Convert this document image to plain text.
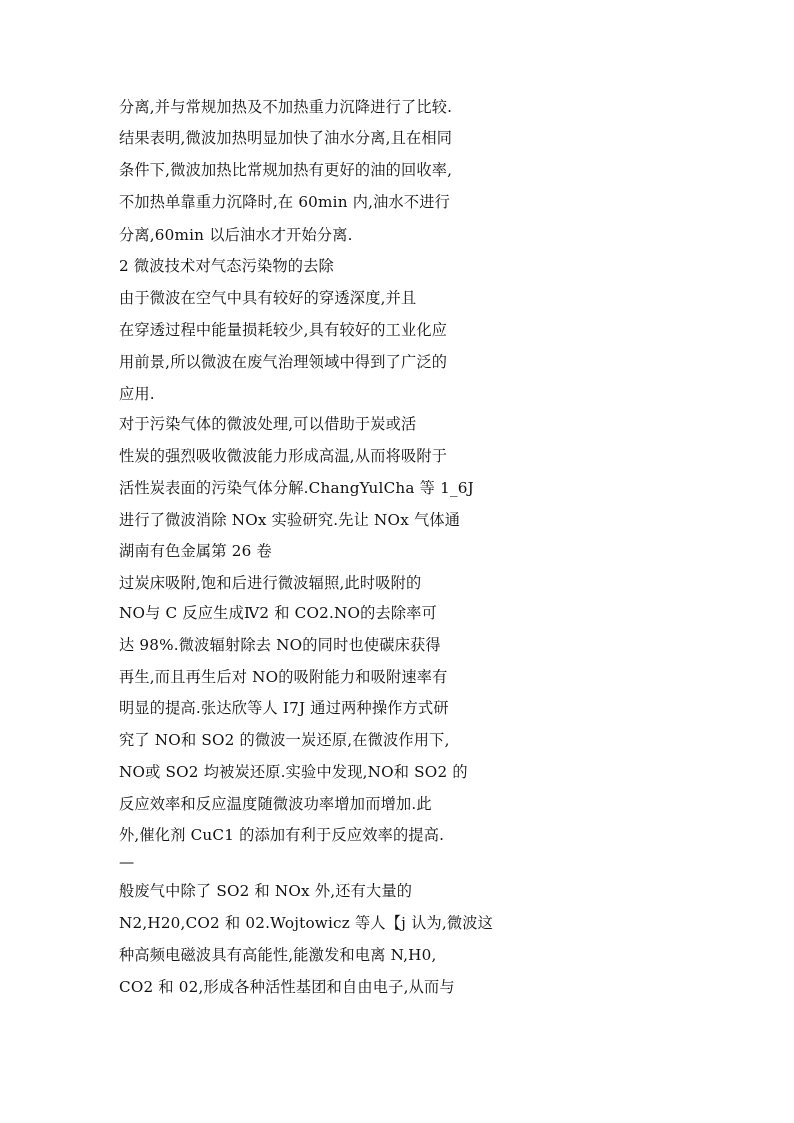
分离,并与常规加热及不加热重力沉降进行了比较.
结果表明,微波加热明显加快了油水分离,且在相同
条件下,微波加热比常规加热有更好的油的回收率,
不加热单靠重力沉降时,在 60min 内,油水不进行
分离,60min 以后油水才开始分离.
2 微波技术对气态污染物的去除
由于微波在空气中具有较好的穿透深度,并且
在穿透过程中能量损耗较少,具有较好的工业化应
用前景,所以微波在废气治理领域中得到了广泛的
应用.
对于污染气体的微波处理,可以借助于炭或活
性炭的强烈吸收微波能力形成高温,从而将吸附于
活性炭表面的污染气体分解.ChangYulCha 等 1_6J
进行了微波消除 NOx 实验研究.先让 NOx 气体通
湖南有色金属第 26 卷
过炭床吸附,饱和后进行微波辐照,此时吸附的
NO与 C 反应生成Ⅳ2 和 CO2.NO的去除率可
达 98%.微波辐射除去 NO的同时也使碳床获得
再生,而且再生后对 NO的吸附能力和吸附速率有
明显的提高.张达欣等人 I7J 通过两种操作方式研
究了 NO和 SO2 的微波一炭还原,在微波作用下,
NO或 SO2 均被炭还原.实验中发现,NO和 SO2 的
反应效率和反应温度随微波功率增加而增加.此
外,催化剂 CuC1 的添加有利于反应效率的提高.
—
般废气中除了 SO2 和 NOx 外,还有大量的
N2,H20,CO2 和 02.Wojtowicz 等人【j 认为,微波这
种高频电磁波具有高能性,能激发和电离 N,H0,
CO2 和 02,形成各种活性基团和自由电子,从而与
